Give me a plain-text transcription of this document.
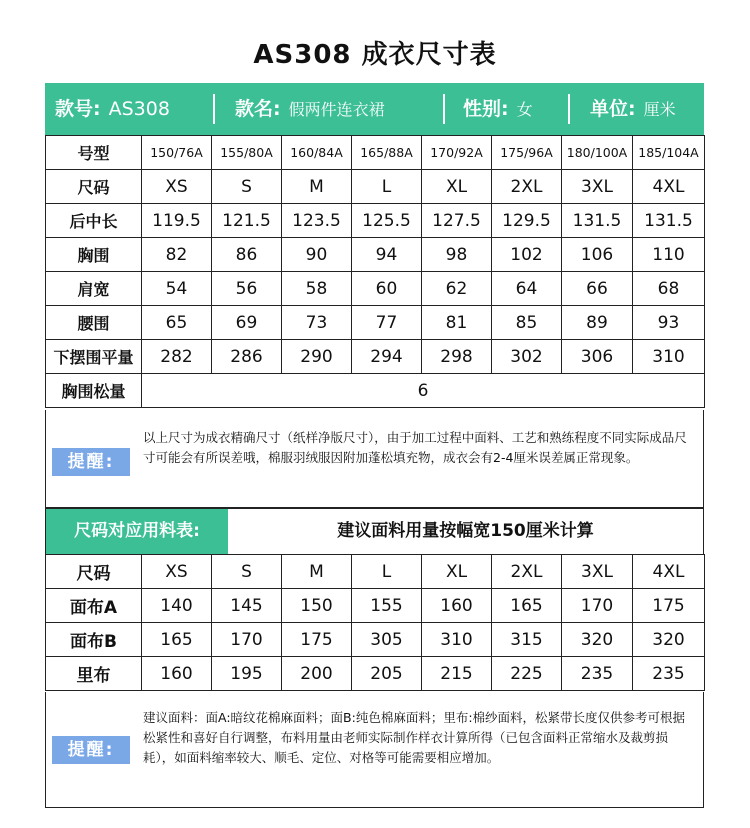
AS308 成衣尺寸表
款号: AS308	款名: 假两件连衣裙	性别: 女	单位: 厘米
号型	150/76A	155/80A	160/84A	165/88A	170/92A	175/96A	180/100A	185/104A
尺码	XS	S	M	L	XL	2XL	3XL	4XL
后中长	119.5	121.5	123.5	125.5	127.5	129.5	131.5	131.5
胸围	82	86	90	94	98	102	106	110
肩宽	54	56	58	60	62	64	66	68
腰围	65	69	73	77	81	85	89	93
下摆围平量	282	286	290	294	298	302	306	310
胸围松量	6							
提醒:
以上尺寸为成衣精确尺寸（纸样净版尺寸），由于加工过程中面料、工艺和熟练程度不同实际成品尺寸可能会有所误差哦，棉服羽绒服因附加蓬松填充物，成衣会有2-4厘米误差属正常现象。
尺码对应用料表:	建议面料用量按幅宽150厘米计算
尺码	XS	S	M	L	XL	2XL	3XL	4XL
面布A	140	145	150	155	160	165	170	175
面布B	165	170	175	305	310	315	320	320
里布	160	195	200	205	215	225	235	235
提醒:
建议面料：面A:暗纹花棉麻面料；面B:纯色棉麻面料；里布:棉纱面料，松紧带长度仅供参考可根据松紧性和喜好自行调整，布料用量由老师实际制作样衣计算所得（已包含面料正常缩水及裁剪损耗），如面料缩率较大、顺毛、定位、对格等可能需要相应增加。
